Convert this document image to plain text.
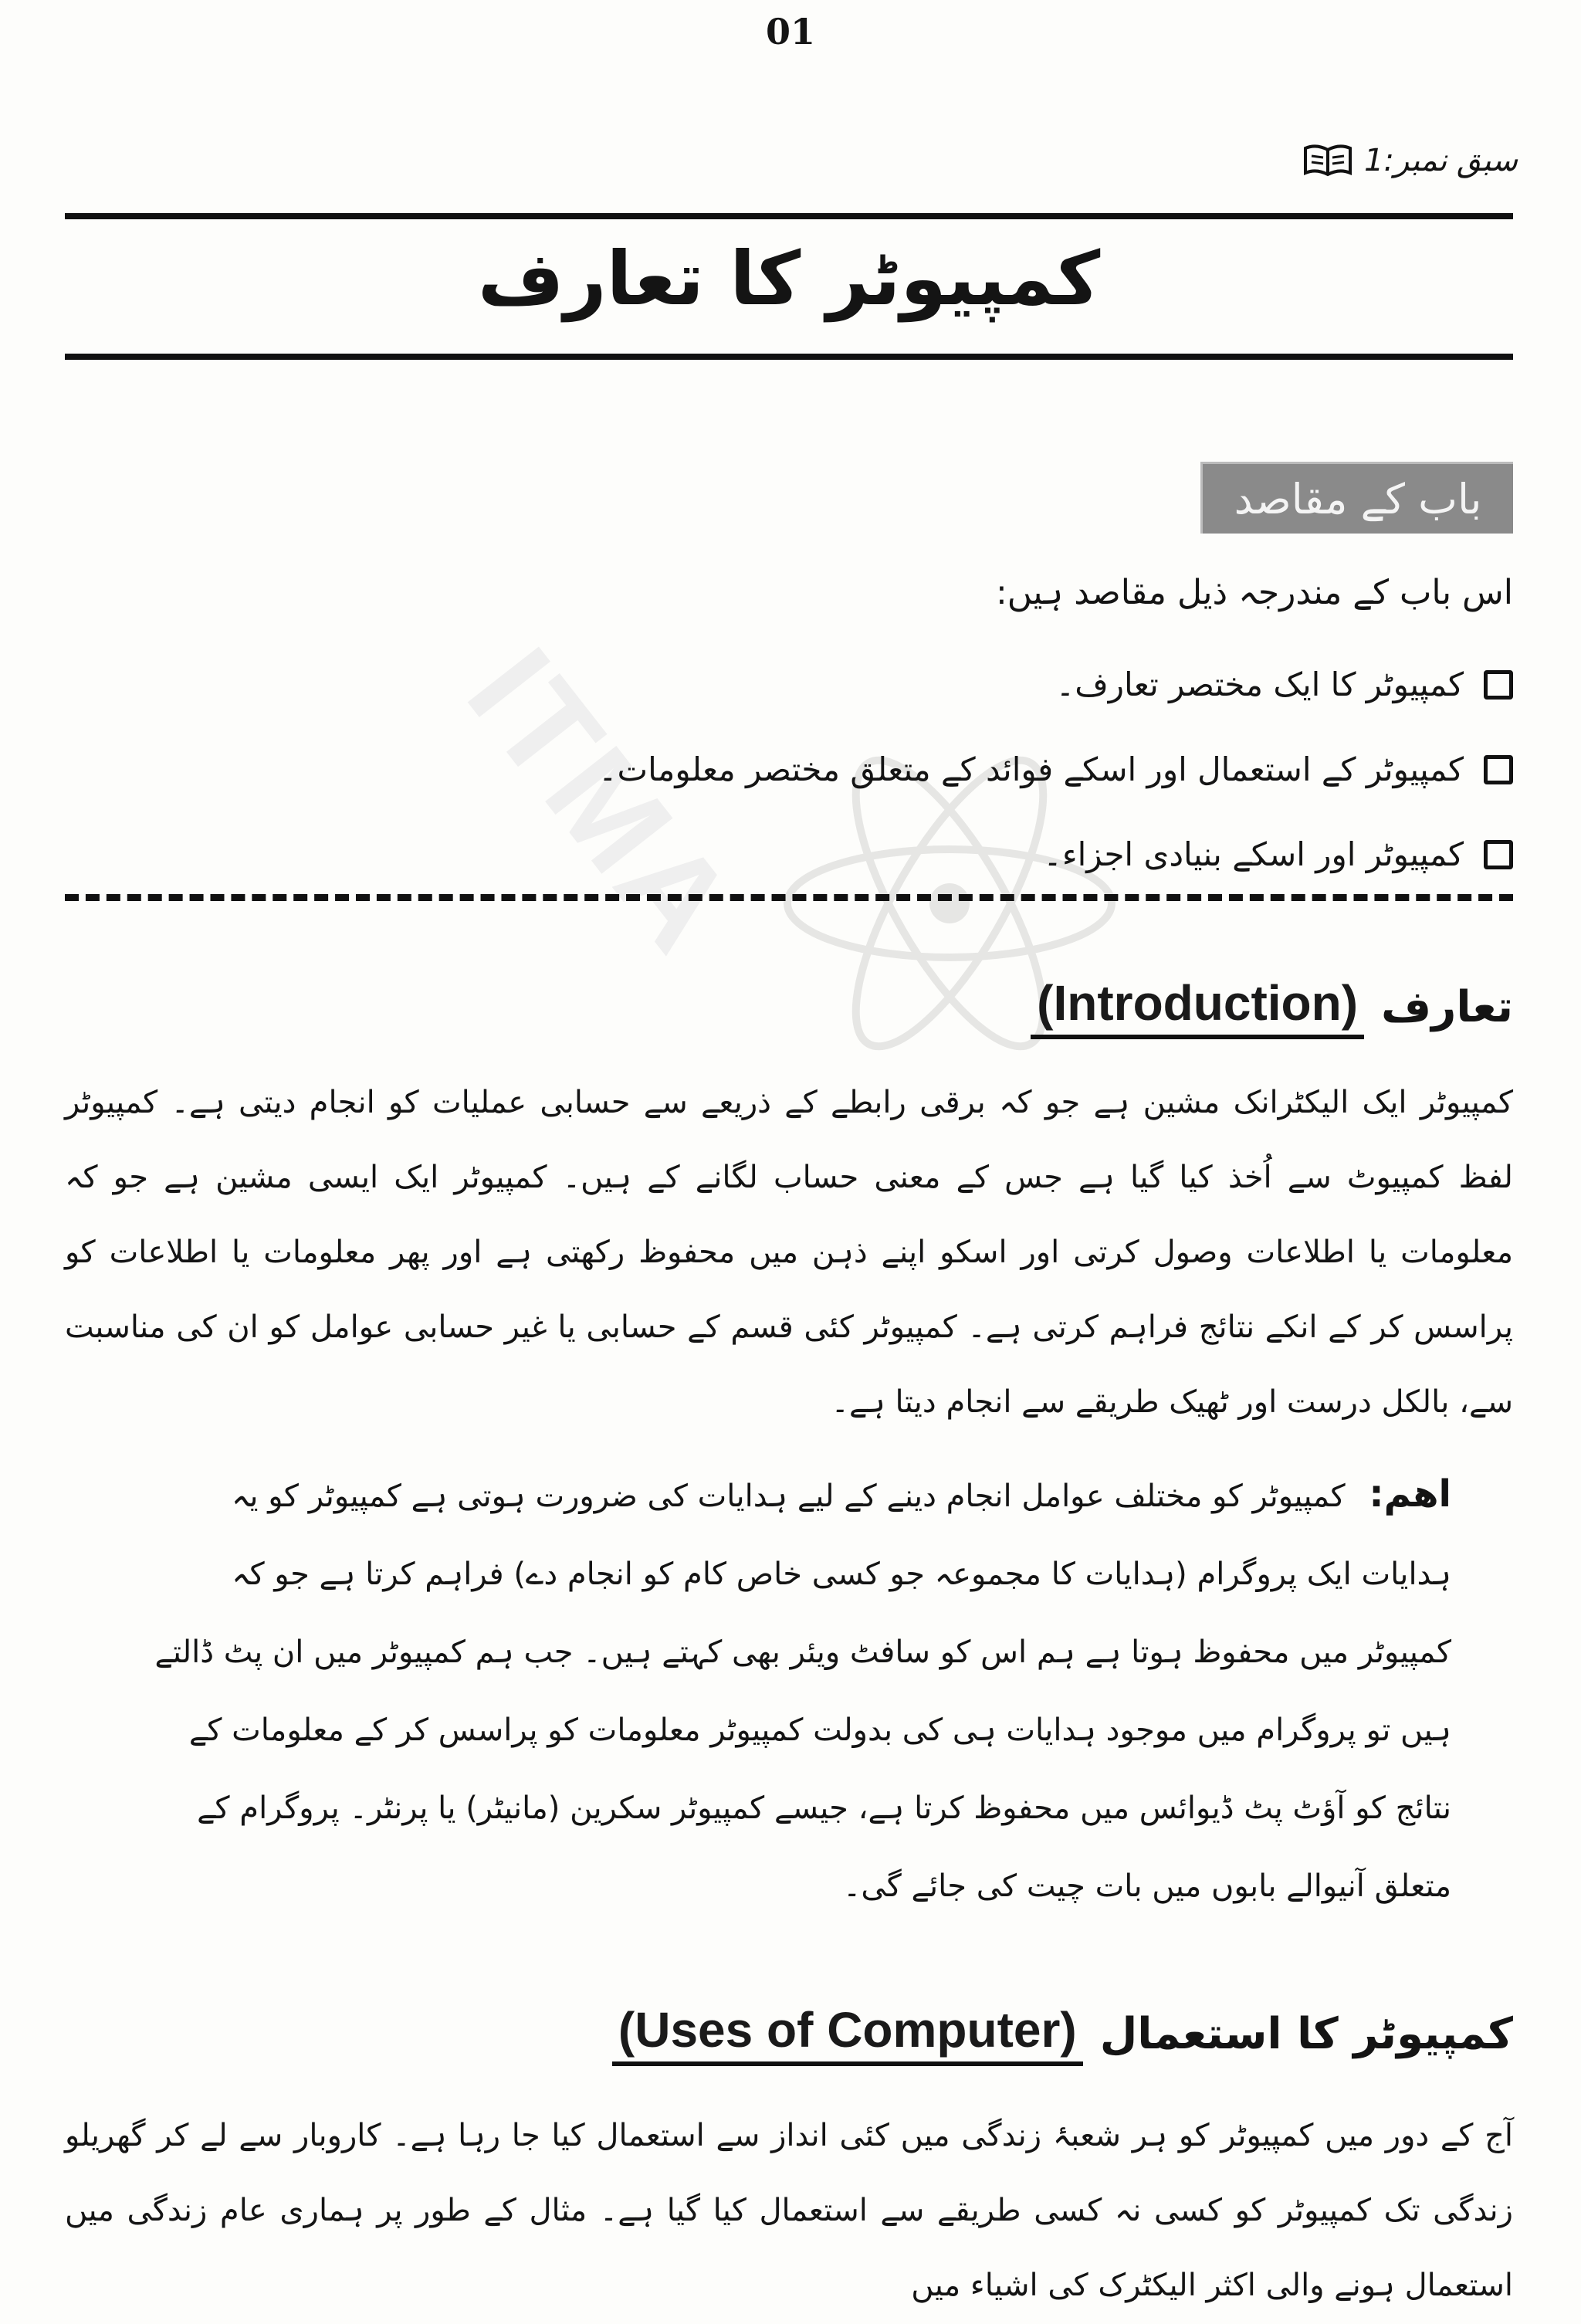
ITMA
01
سبق نمبر:1
کمپیوٹر کا تعارف
باب کے مقاصد
اس باب کے مندرجہ ذیل مقاصد ہیں:
کمپیوٹر کا ایک مختصر تعارف۔
کمپیوٹر کے استعمال اور اسکے فوائد کے متعلق مختصر معلومات۔
کمپیوٹر اور اسکے بنیادی اجزاء۔
تعارف
(Introduction)
کمپیوٹر ایک الیکٹرانک مشین ہے جو کہ برقی رابطے کے ذریعے سے حسابی عملیات کو انجام دیتی ہے۔ کمپیوٹر لفظ کمپیوٹ سے اُخذ کیا گیا ہے جس کے معنی حساب لگانے کے ہیں۔ کمپیوٹر ایک ایسی مشین ہے جو کہ معلومات یا اطلاعات وصول کرتی اور اسکو اپنے ذہن میں محفوظ رکھتی ہے اور پھر معلومات یا اطلاعات کو پراسس کر کے انکے نتائج فراہم کرتی ہے۔ کمپیوٹر کئی قسم کے حسابی یا غیر حسابی عوامل کو ان کی مناسبت سے، بالکل درست اور ٹھیک طریقے سے انجام دیتا ہے۔
اھم: کمپیوٹر کو مختلف عوامل انجام دینے کے لیے ہدایات کی ضرورت ہوتی ہے کمپیوٹر کو یہ ہدایات ایک پروگرام (ہدایات کا مجموعہ جو کسی خاص کام کو انجام دے) فراہم کرتا ہے جو کہ کمپیوٹر میں محفوظ ہوتا ہے ہم اس کو سافٹ ویئر بھی کہتے ہیں۔ جب ہم کمپیوٹر میں ان پٹ ڈالتے ہیں تو پروگرام میں موجود ہدایات ہی کی بدولت کمپیوٹر معلومات کو پراسس کر کے معلومات کے نتائج کو آؤٹ پٹ ڈیوائس میں محفوظ کرتا ہے، جیسے کمپیوٹر سکرین (مانیٹر) یا پرنٹر۔ پروگرام کے متعلق آنیوالے بابوں میں بات چیت کی جائے گی۔
کمپیوٹر کا استعمال
(Uses of Computer)
آج کے دور میں کمپیوٹر کو ہر شعبۂ زندگی میں کئی انداز سے استعمال کیا جا رہا ہے۔ کاروبار سے لے کر گھریلو زندگی تک کمپیوٹر کو کسی نہ کسی طریقے سے استعمال کیا گیا ہے۔ مثال کے طور پر ہماری عام زندگی میں استعمال ہونے والی اکثر الیکٹرک کی اشیاء میں
